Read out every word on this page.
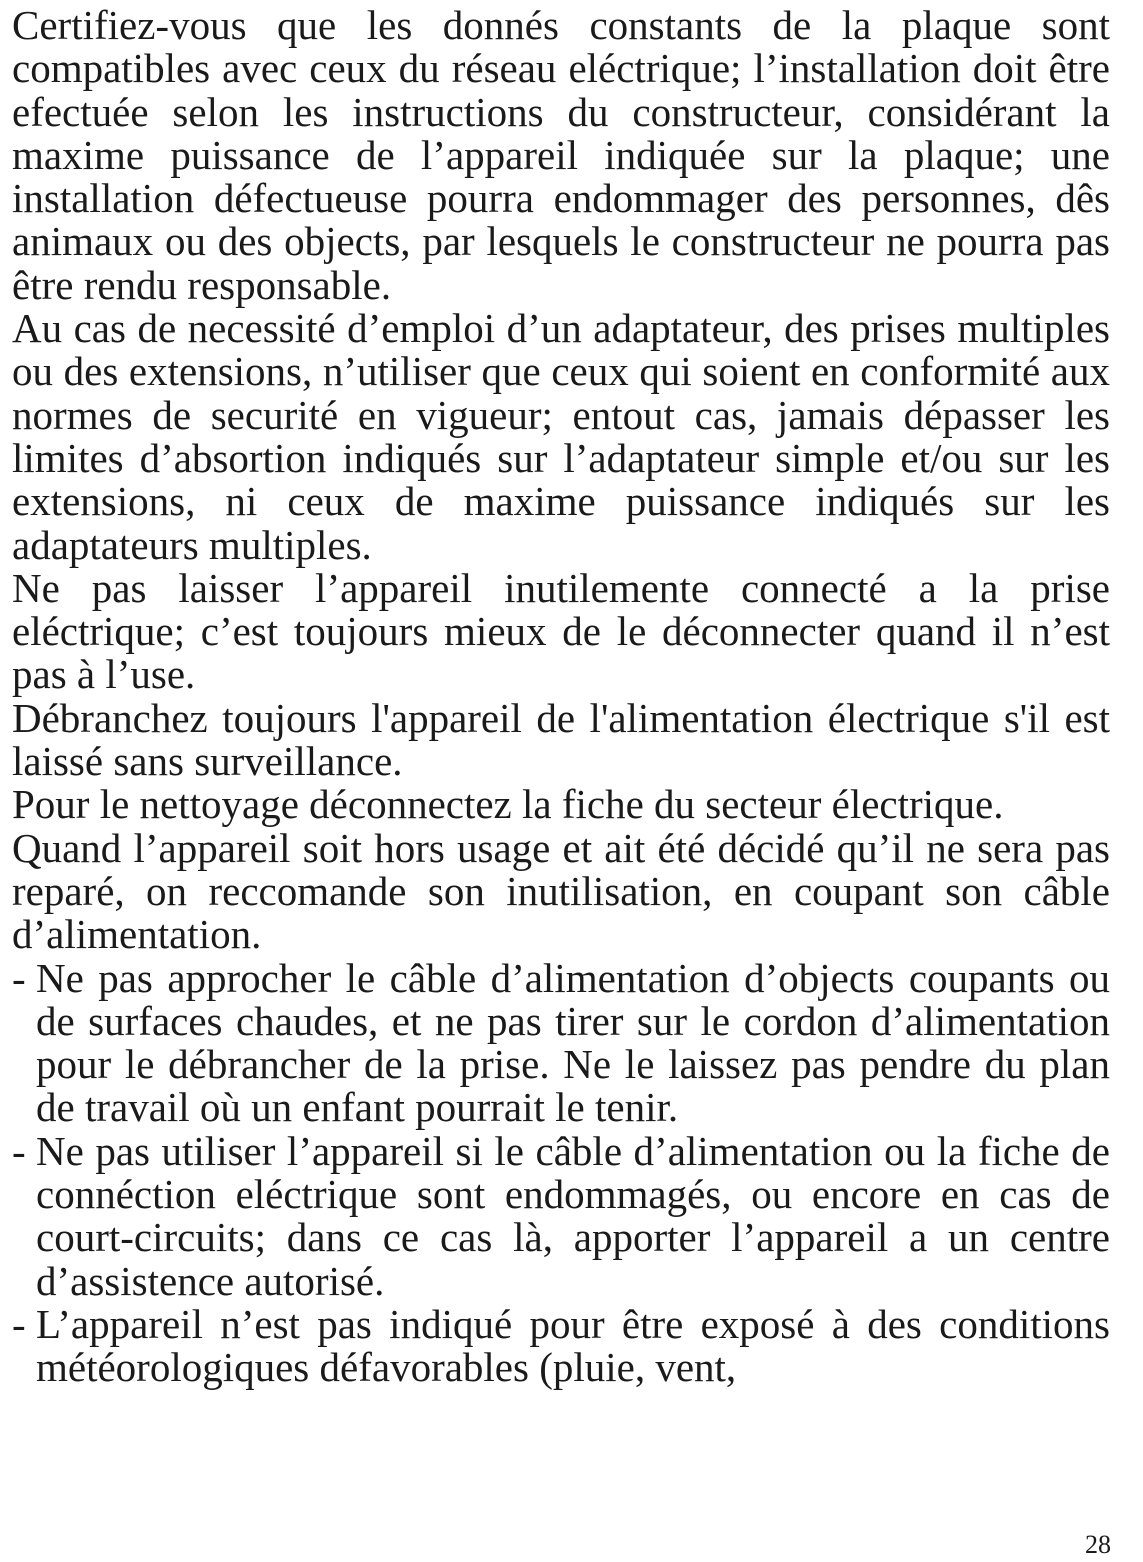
Certifiez-vous que les donnés constants de la plaque sont compatibles avec ceux du réseau eléctrique; l’installation doit être efectuée selon les instructions du constructeur, considérant la maxime puissance de l’appareil indiquée sur la plaque; une installation défectueuse pourra endommager des personnes, dês animaux ou des objects, par lesquels le constructeur ne pourra pas être rendu responsable.

Au cas de necessité d’emploi d’un adaptateur, des prises multiples ou des extensions, n’utiliser que ceux qui soient en conformité aux normes de securité en vigueur; entout cas, jamais dépasser les limites d’absortion indiqués sur l’adaptateur simple et/ou sur les extensions, ni ceux de maxime puissance indiqués sur les adaptateurs multiples.

Ne pas laisser l’appareil inutilemente connecté a la prise eléctrique; c’est toujours mieux de le déconnecter quand il n’est pas à l’use.

Débranchez toujours l'appareil de l'alimentation électrique s'il est laissé sans surveillance.

Pour le nettoyage déconnectez la fiche du secteur électrique.

Quand l’appareil soit hors usage et ait été décidé qu’il ne sera pas reparé, on reccomande son inutilisation, en coupant son câble d’alimentation.

- Ne pas approcher le câble d’alimentation d’objects coupants ou de surfaces chaudes, et ne pas tirer sur le cordon d’alimentation pour le débrancher de la prise. Ne le laissez pas pendre du plan de travail où un enfant pourrait le tenir.
- Ne pas utiliser l’appareil si le câble d’alimentation ou la fiche de connéction eléctrique sont endommagés, ou encore en cas de court-circuits; dans ce cas là, apporter l’appareil a un centre d’assistence autorisé.
- L’appareil n’est pas indiqué pour être exposé à des conditions météorologiques défavorables (pluie, vent,
28
